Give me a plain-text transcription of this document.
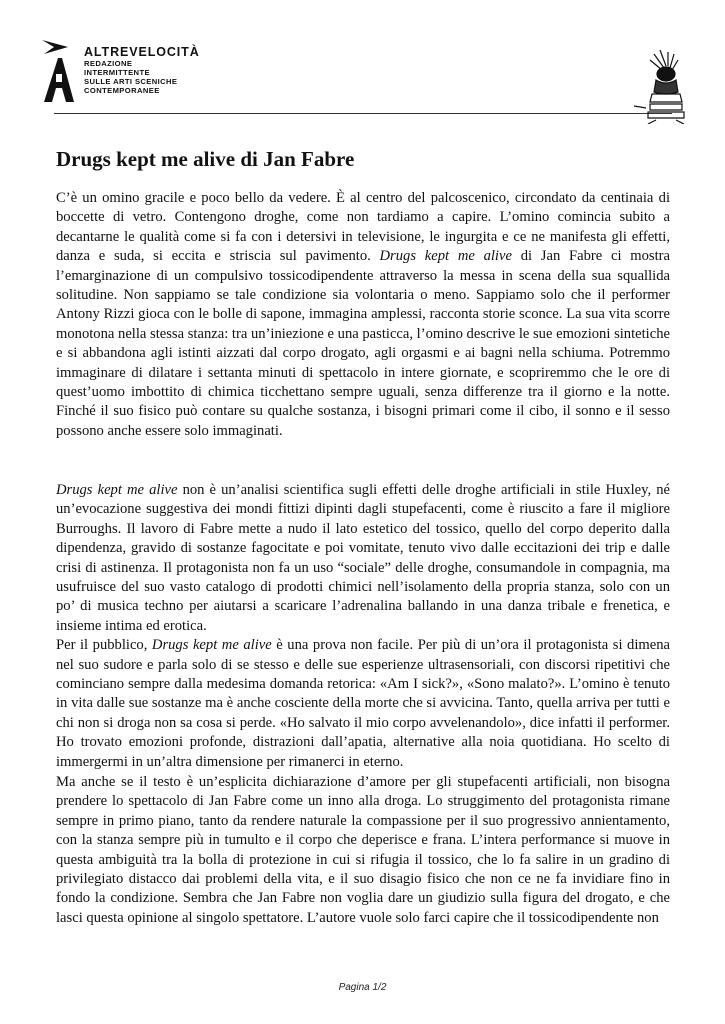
ALTREVELOCITÀ
REDAZIONE
INTERMITTENTE
SULLE ARTI SCENICHE
CONTEMPORANEE
Drugs kept me alive di Jan Fabre

C’è un omino gracile e poco bello da vedere. È al centro del palcoscenico, circondato da centinaia di boccette di vetro. Contengono droghe, come non tardiamo a capire. L’omino comincia subito a decantarne le qualità come si fa con i detersivi in televisione, le ingurgita e ce ne manifesta gli effetti, danza e suda, si eccita e striscia sul pavimento. Drugs kept me alive di Jan Fabre ci mostra l’emarginazione di un compulsivo tossicodipendente attraverso la messa in scena della sua squallida solitudine. Non sappiamo se tale condizione sia volontaria o meno. Sappiamo solo che il performer Antony Rizzi gioca con le bolle di sapone, immagina amplessi, racconta storie sconce. La sua vita scorre monotona nella stessa stanza: tra un’iniezione e una pasticca, l’omino descrive le sue emozioni sintetiche e si abbandona agli istinti aizzati dal corpo drogato, agli orgasmi e ai bagni nella schiuma. Potremmo immaginare di dilatare i settanta minuti di spettacolo in intere giornate, e scopriremmo che le ore di quest’uomo imbottito di chimica ticchettano sempre uguali, senza differenze tra il giorno e la notte. Finché il suo fisico può contare su qualche sostanza, i bisogni primari come il cibo, il sonno e il sesso possono anche essere solo immaginati.

Drugs kept me alive non è un’analisi scientifica sugli effetti delle droghe artificiali in stile Huxley, né un’evocazione suggestiva dei mondi fittizi dipinti dagli stupefacenti, come è riuscito a fare il migliore Burroughs. Il lavoro di Fabre mette a nudo il lato estetico del tossico, quello del corpo deperito dalla dipendenza, gravido di sostanze fagocitate e poi vomitate, tenuto vivo dalle eccitazioni dei trip e dalle crisi di astinenza. Il protagonista non fa un uso “sociale” delle droghe, consumandole in compagnia, ma usufruisce del suo vasto catalogo di prodotti chimici nell’isolamento della propria stanza, solo con un po’ di musica techno per aiutarsi a scaricare l’adrenalina ballando in una danza tribale e frenetica, e insieme intima ed erotica.

Per il pubblico, Drugs kept me alive è una prova non facile. Per più di un’ora il protagonista si dimena nel suo sudore e parla solo di se stesso e delle sue esperienze ultrasensoriali, con discorsi ripetitivi che cominciano sempre dalla medesima domanda retorica: «Am I sick?», «Sono malato?». L’omino è tenuto in vita dalle sue sostanze ma è anche cosciente della morte che si avvicina. Tanto, quella arriva per tutti e chi non si droga non sa cosa si perde. «Ho salvato il mio corpo avvelenandolo», dice infatti il performer. Ho trovato emozioni profonde, distrazioni dall’apatia, alternative alla noia quotidiana. Ho scelto di immergermi in un’altra dimensione per rimanerci in eterno.

Ma anche se il testo è un’esplicita dichiarazione d’amore per gli stupefacenti artificiali, non bisogna prendere lo spettacolo di Jan Fabre come un inno alla droga. Lo struggimento del protagonista rimane sempre in primo piano, tanto da rendere naturale la compassione per il suo progressivo annientamento, con la stanza sempre più in tumulto e il corpo che deperisce e frana. L’intera performance si muove in questa ambiguità tra la bolla di protezione in cui si rifugia il tossico, che lo fa salire in un gradino di privilegiato distacco dai problemi della vita, e il suo disagio fisico che non ce ne fa invidiare fino in fondo la condizione. Sembra che Jan Fabre non voglia dare un giudizio sulla figura del drogato, e che lasci questa opinione al singolo spettatore. L’autore vuole solo farci capire che il tossicodipendente non

Pagina 1/2
